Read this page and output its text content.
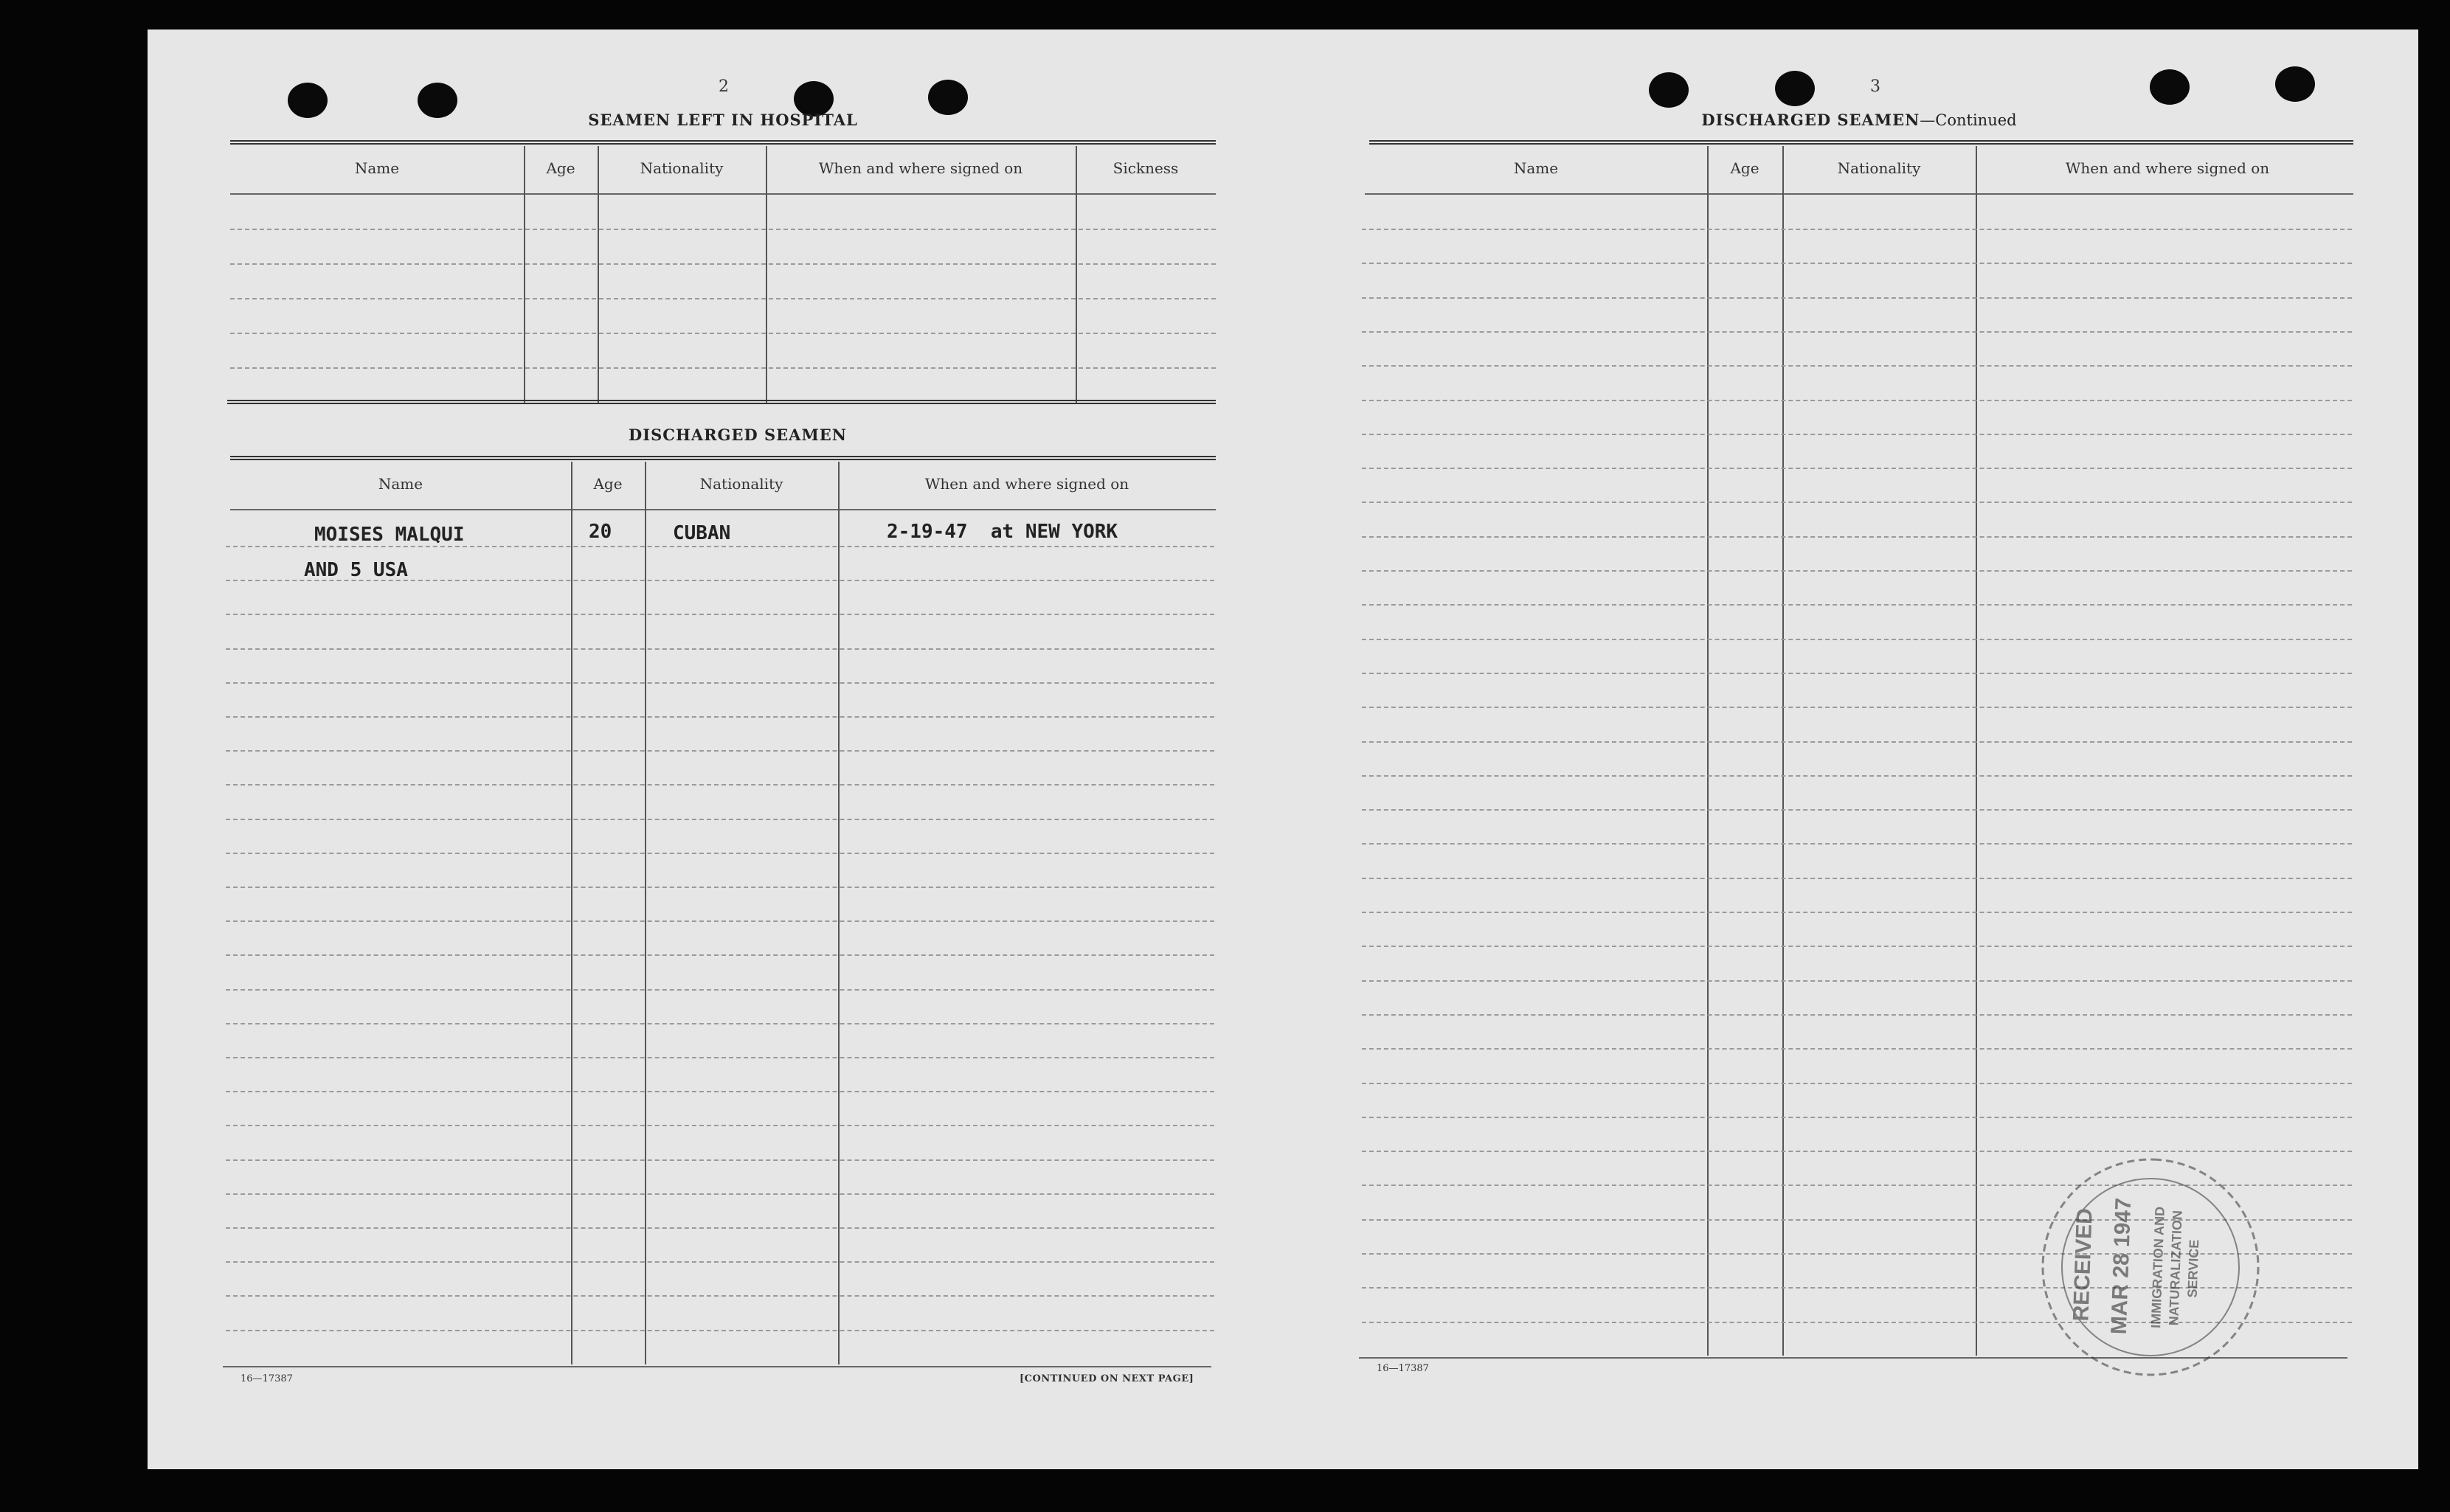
2
SEAMEN LEFT IN HOSPITAL
Name	Age	Nationality	When and where signed on	Sickness
DISCHARGED SEAMEN
Name	Age	Nationality	When and where signed on
MOISES MALQUI	20	CUBAN	2-19-47  at NEW YORK
AND 5 USA
16—17387	[CONTINUED ON NEXT PAGE]
3
DISCHARGED SEAMEN—Continued
Name	Age	Nationality	When and where signed on
16—17387
RECEIVED MAR 28 1947 IMMIGRATION AND
NATURALIZATION SERVICE
